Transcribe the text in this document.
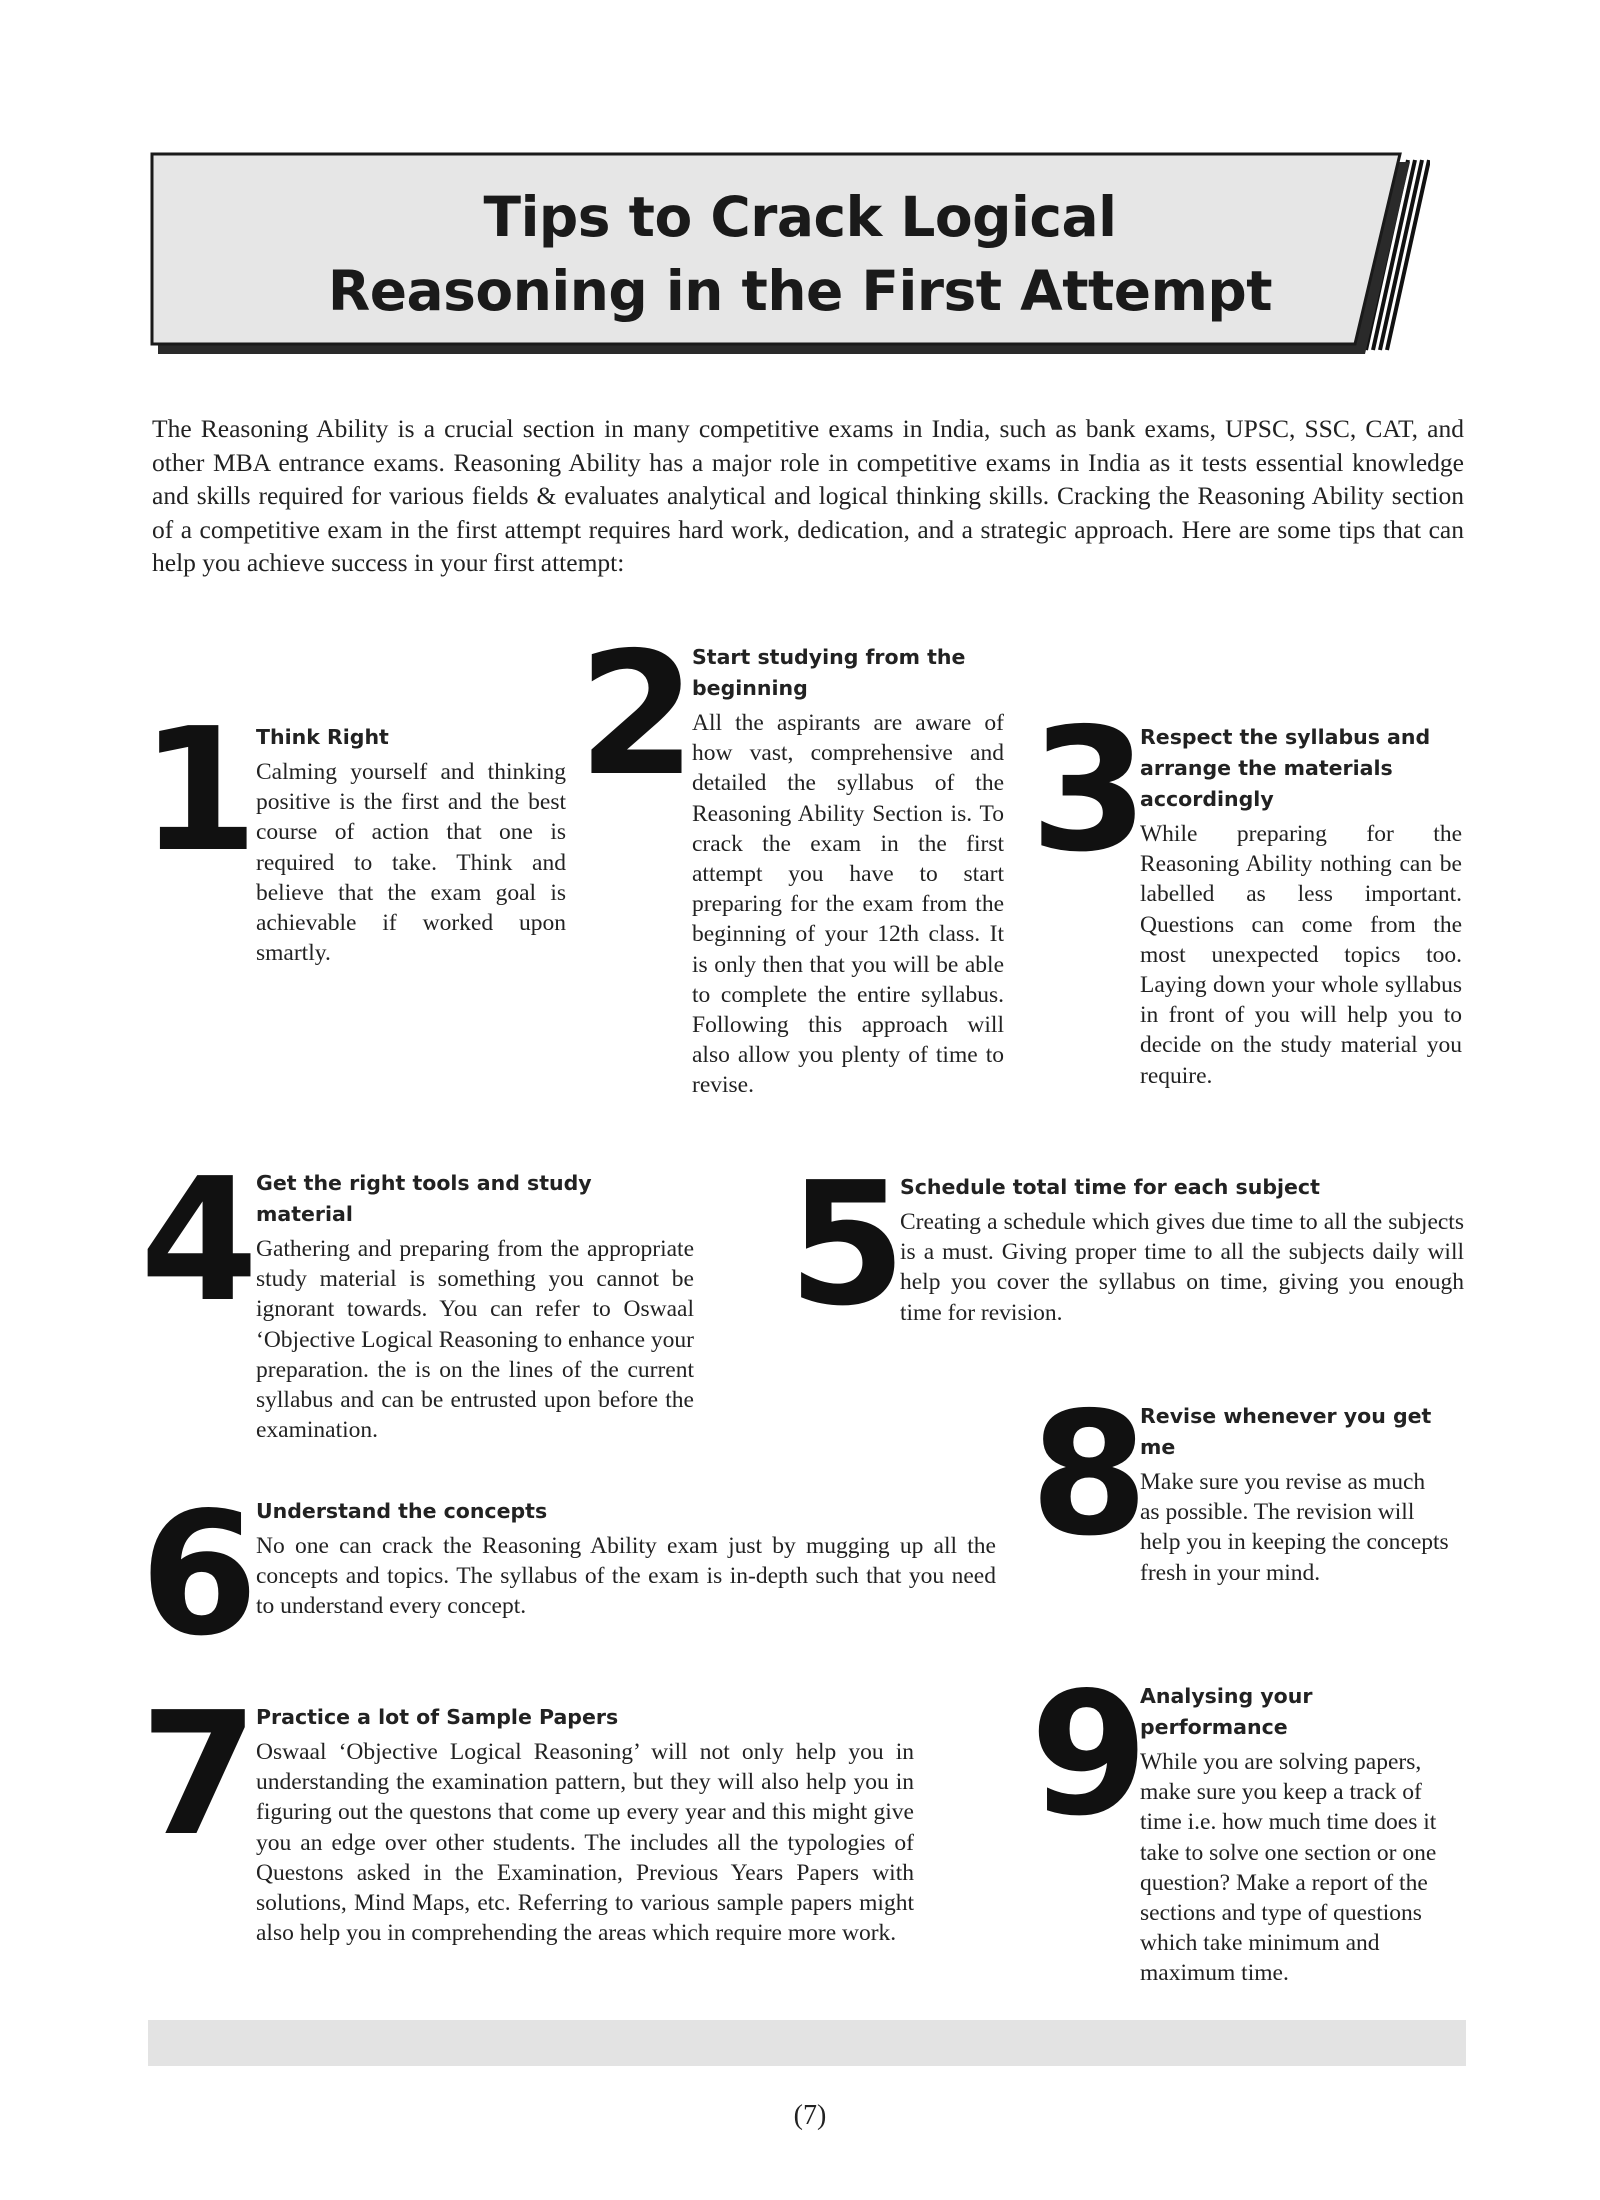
Tips to Crack Logical
Reasoning in the First Attempt

The Reasoning Ability is a crucial section in many competitive exams in India, such as bank exams, UPSC, SSC, CAT, and other MBA entrance exams. Reasoning Ability has a major role in competitive exams in India as it tests essential knowledge and skills required for various fields & evaluates analytical and logical thinking skills. Cracking the Reasoning Ability section of a competitive exam in the first attempt requires hard work, dedication, and a strategic approach. Here are some tips that can help you achieve success in your first attempt:

1 Think Right

Calming yourself and thinking positive is the first and the best course of action that one is required to take. Think and believe that the exam goal is achievable if worked upon smartly.

2 Start studying from the beginning

All the aspirants are aware of how vast, comprehensive and detailed the syllabus of the Reasoning Ability Section is. To crack the exam in the first attempt you have to start preparing for the exam from the beginning of your 12th class. It is only then that you will be able to complete the entire syllabus. Following this approach will also allow you plenty of time to revise.

3

Respect the syllabus and arrange the materials accordingly

While preparing for the Reasoning Ability nothing can be labelled as less important. Questions can come from the most unexpected topics too. Laying down your whole syllabus in front of you will help you to decide on the study material you require.

4 Get the right tools and study material

Gathering and preparing from the appropriate study material is something you cannot be ignorant towards. You can refer to Oswaal ‘Objective Logical Reasoning to enhance your preparation. the is on the lines of the current syllabus and can be entrusted upon before the examination.

5

Schedule total time for each subject

Creating a schedule which gives due time to all the subjects is a must. Giving proper time to all the subjects daily will help you cover the syllabus on time, giving you enough time for revision.

6 Understand the concepts

No one can crack the Reasoning Ability exam just by mugging up all the concepts and topics. The syllabus of the exam is in-depth such that you need to understand every concept.

7 Practice a lot of Sample Papers

Oswaal ‘Objective Logical Reasoning’ will not only help you in understanding the examination pattern, but they will also help you in figuring out the questons that come up every year and this might give you an edge over other students. The includes all the typologies of Questons asked in the Examination, Previous Years Papers with solutions, Mind Maps, etc. Referring to various sample papers might also help you in comprehending the areas which require more work.

8

Revise whenever you get me

Make sure you revise as much as possible. The revision will help you in keeping the concepts fresh in your mind.

9

Analysing your performance

While you are solving papers, make sure you keep a track of time i.e. how much time does it take to solve one section or one question? Make a report of the sections and type of questions which take minimum and maximum time.

(7)
